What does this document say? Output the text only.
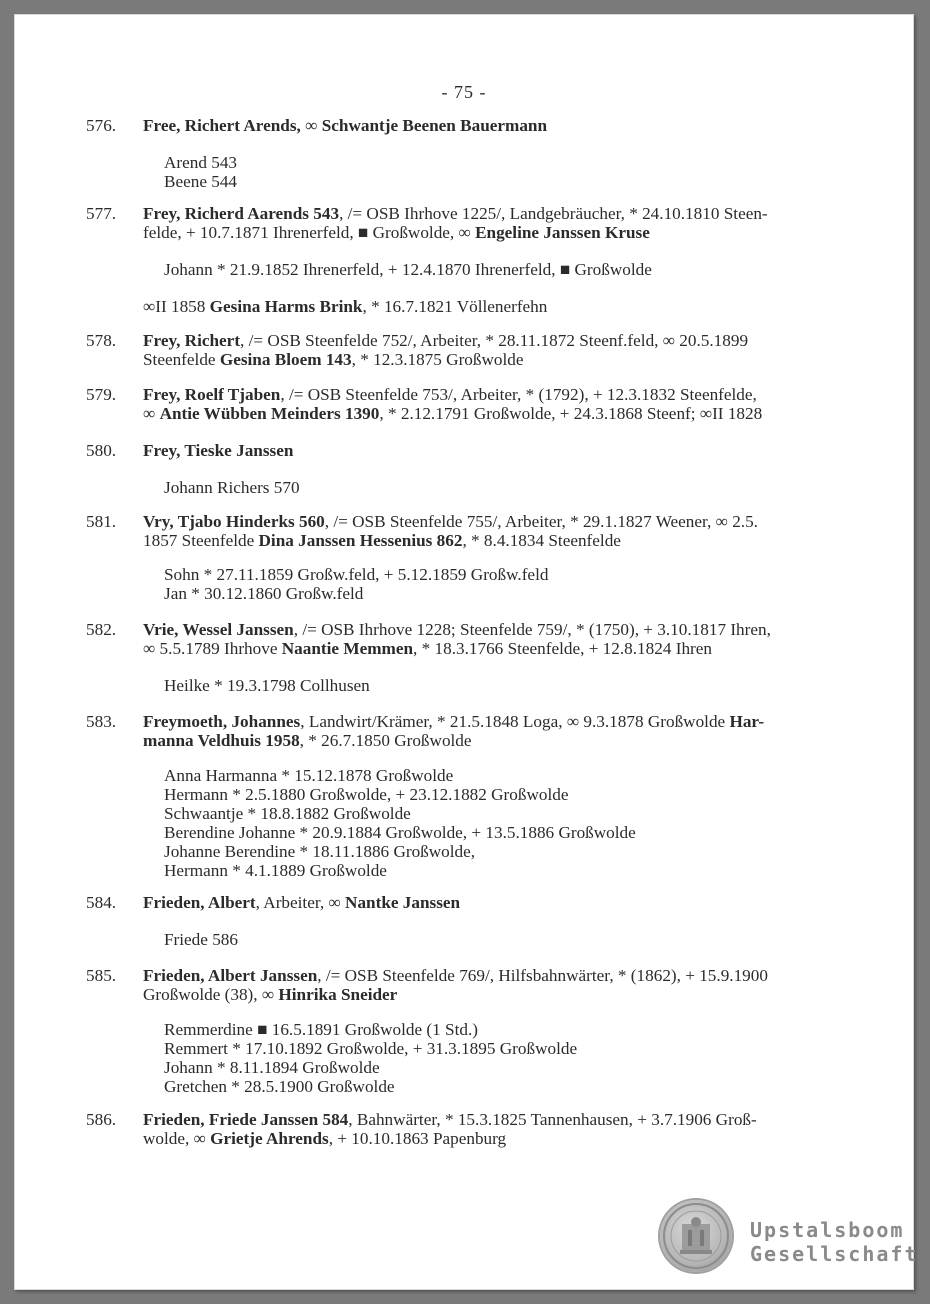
- 75 -
576.	Free, Richert Arends, ∞ Schwantje Beenen Bauermann
Arend 543
Beene 544
577.	Frey, Richerd Aarends 543, /= OSB Ihrhove 1225/, Landgebräucher, * 24.10.1810 Steen-
felde, + 10.7.1871 Ihrenerfeld, ■ Großwolde, ∞ Engeline Janssen Kruse
Johann * 21.9.1852 Ihrenerfeld, + 12.4.1870 Ihrenerfeld, ■ Großwolde
∞II 1858 Gesina Harms Brink, * 16.7.1821 Völlenerfehn
578.	Frey, Richert, /= OSB Steenfelde 752/, Arbeiter, * 28.11.1872 Steenf.feld, ∞ 20.5.1899
Steenfelde Gesina Bloem 143, * 12.3.1875 Großwolde
579.	Frey, Roelf Tjaben, /= OSB Steenfelde 753/, Arbeiter, * (1792), + 12.3.1832 Steenfelde,
∞ Antie Wübben Meinders 1390, * 2.12.1791 Großwolde, + 24.3.1868 Steenf; ∞II 1828
580.	Frey, Tieske Janssen
Johann Richers 570
581.	Vry, Tjabo Hinderks 560, /= OSB Steenfelde 755/, Arbeiter, * 29.1.1827 Weener, ∞ 2.5.
1857 Steenfelde Dina Janssen Hessenius 862, * 8.4.1834 Steenfelde
Sohn * 27.11.1859 Großw.feld, + 5.12.1859 Großw.feld
Jan * 30.12.1860 Großw.feld
582.	Vrie, Wessel Janssen, /= OSB Ihrhove 1228; Steenfelde 759/, * (1750), + 3.10.1817 Ihren,
∞ 5.5.1789 Ihrhove Naantie Memmen, * 18.3.1766 Steenfelde, + 12.8.1824 Ihren
Heilke * 19.3.1798 Collhusen
583.	Freymoeth, Johannes, Landwirt/Krämer, * 21.5.1848 Loga, ∞ 9.3.1878 Großwolde Har-
manna Veldhuis 1958, * 26.7.1850 Großwolde
Anna Harmanna * 15.12.1878 Großwolde
Hermann * 2.5.1880 Großwolde, + 23.12.1882 Großwolde
Schwaantje * 18.8.1882 Großwolde
Berendine Johanne * 20.9.1884 Großwolde, + 13.5.1886 Großwolde
Johanne Berendine * 18.11.1886 Großwolde,
Hermann * 4.1.1889 Großwolde
584.	Frieden, Albert, Arbeiter, ∞ Nantke Janssen
Friede 586
585.	Frieden, Albert Janssen, /= OSB Steenfelde 769/, Hilfsbahnwärter, * (1862), + 15.9.1900
Großwolde (38), ∞ Hinrika Sneider
Remmerdine ■ 16.5.1891 Großwolde (1 Std.)
Remmert * 17.10.1892 Großwolde, + 31.3.1895 Großwolde
Johann * 8.11.1894 Großwolde
Gretchen * 28.5.1900 Großwolde
586.	Frieden, Friede Janssen 584, Bahnwärter, * 15.3.1825 Tannenhausen, + 3.7.1906 Groß-
wolde, ∞ Grietje Ahrends, + 10.10.1863 Papenburg
Upstalsboom
Gesellschaft
